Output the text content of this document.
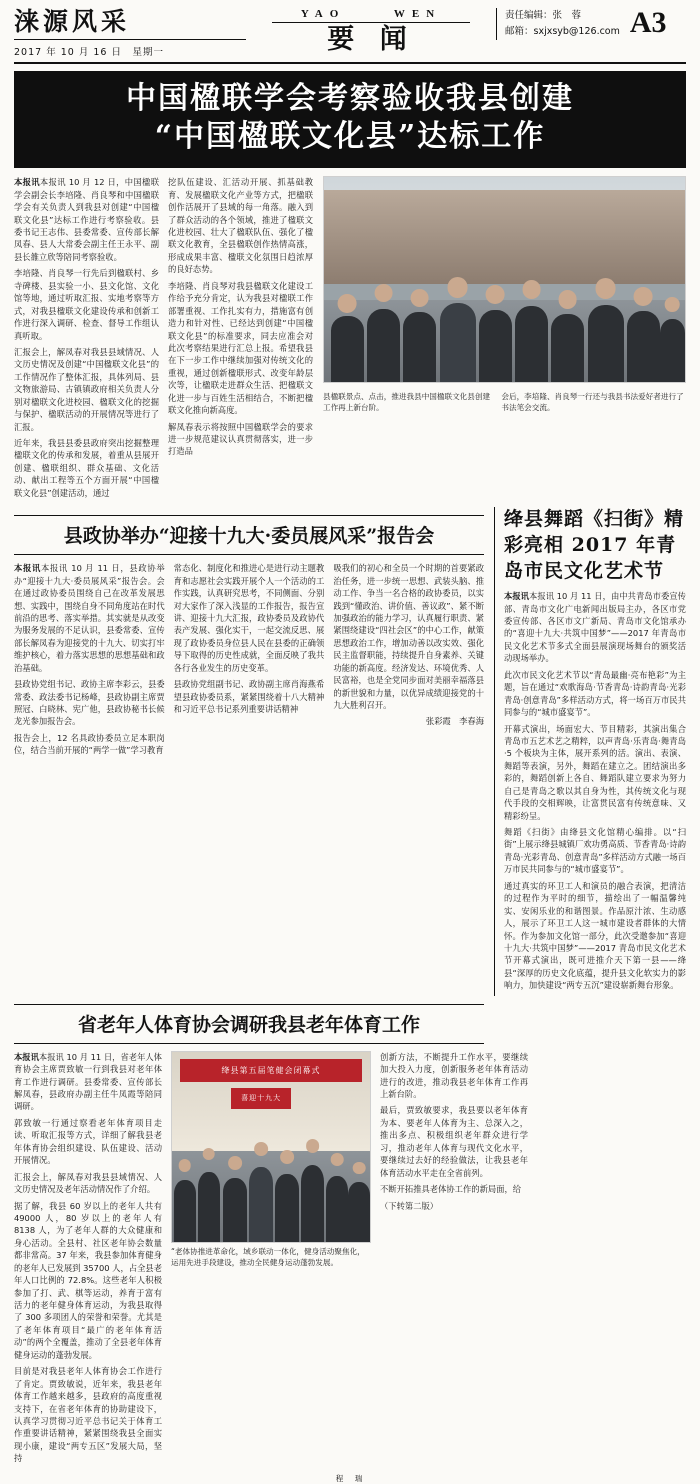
涞源风采
2017 年 10 月 16 日　星期一
YAO	WEN
要 闻
责任编辑：张　蓉
邮箱：sxjxsyb@126.com A3
中国楹联学会考察验收我县创建
“中国楹联文化县”达标工作

本报讯本报讯 10 月 12 日，中国楹联学会副会长李培隆、肖良琴和中国楹联学会有关负责人到我县对创建“中国楹联文化县”达标工作进行考察验收。县委书记王志伟、县委常委、宣传部长解凤春、县人大常委会副主任王永平、副县长雒立欣等陪同考察验收。

李培隆、肖良琴一行先后到楹联村、乡寺碑楼、县实验一小、县文化馆、文化馆等地，通过听取汇报、实地考察等方式，对我县楹联文化建设传承和创新工作进行深入调研、检查、督导工作组认真听取。

汇报会上，解凤春对我县县域情况、人文历史情况及创建“中国楹联文化县”的工作情况作了整体汇报，具体列局、县文物旅游局、古镇镇政府相关负责人分别对楹联文化进校园、楹联文化的挖掘与保护、楹联活动的开展情况等进行了汇报。

近年来，我县县委县政府突出挖掘整理楹联文化的传承和发展，着重从县展开创建、楹联组织、群众基础、文化活动、献出工程等五个方面开展“中国楹联文化县”创建活动，通过

挖队伍建设、汇活动开展、抓基础教育、发展楹联文化产业等方式，把楹联创作活展开了县域的每一角落。融入到了群众活动的各个领域，推进了楹联文化进校园、壮大了楹联队伍、强化了楹联文化教育，全县楹联创作热情高涨，形成成果丰富、楹联文化氛围日趋浓厚的良好态势。

李培隆、肖良琴对我县楹联文化建设工作给予充分肯定，认为我县对楹联工作部署重视、工作扎实有力，措施富有创造力和针对性、已经达到创建“中国楹联文化县”的标准要求，同去应准会对此次考察结果进行汇总上报。希望我县在下一步工作中继续加强对传统文化的重视，通过创新楹联形式、改变年龄层次等，让楹联走进群众生活、把楹联文化进一步与百姓生活相结合，不断把楹联文化推向新高度。

解凤春表示将按照中国楹联学会的要求进一步规范建议认真贯彻落实，进一步打造品

县楹联景点、点击，推进我县中国楹联文化县创建工作再上新台阶。

会后，李培隆、肖良琴一行还与我县书法爱好者进行了书法笔会交流。

县政协举办“迎接十九大·委员展风采”报告会

本报讯本报讯 10 月 11 日，县政协举办“迎接十九大·委员展风采”报告会。会在通过政协委员围绕自己在改革发展思想、实践中，围绕自身不同角度站在时代前沿的思考、落实举措。其实就是从改变为服务发展的不足认识，县委常委、宣传部长解凤春为迎接党的十九大、切实打牢维护核心，着力落实思想的思想基础和政治基础。

县政协党组书记、政协主席李彩云，县委常委、政法委书记杨峰，县政协副主席贾照冠、白晓林、宪广他，县政协秘书长候龙光参加报告会。

报告会上，12 名具政协委员立足本职岗位，结合当前开展的“两学一做”学习教育

常态化、制度化和推进心是进行动主题教育和志愿社会实践开展个人一个活动的工作实践，认真研究思考，不同侧面、分别对大家作了深入浅显的工作报告，报告宣讲、迎接十九大汇报，政协委员及政协代表产发展、强化实干，一起交流反思、展现了政协委员身位县人民在县委的正确领导下取得的历史性成就，全面反映了我共各行各业发生的历史变革。

县政协党组副书记、政协副主席肖海燕希望县政协委员系，紧紧围绕着十八大精神和习近平总书记系列重要讲话精神

吸我们的初心和全员一个时期的首要紧政治任务，进一步统一思想、武装头脑、推动工作、争当一名合格的政协委员，以实践到“懂政治、讲价值、善议政”、紧不断加强政治的能力学习，认真履行职责、紧紧围绕建设“四社会区”的中心工作，献策思想政治工作，增加动善以改实效、强化民主监督职能，持续提升自身素养、关键功能的新高度。经济发达、环境优秀、人民富裕，也是全党同步面对美丽幸福落县的新世貌和力量，以优异成绩迎接党的十九大胜利召开。

张彩霞　李春海
绛县舞蹈《扫街》精彩亮相 2017 年青岛市民文化艺术节

本报讯本报讯 10 月 11 日，由中共青岛市委宣传部、青岛市文化广电新闻出版局主办，各区市党委宣传部、各区市文广新局、青岛市文化馆承办的“喜迎十九大·共筑中国梦”——2017 年青岛市民文化艺术节多式全面县展演现场舞台的颁奖活动现场举办。

此次市民文化艺术节以“青岛最幽·亮布艳彩”为主题，旨在通过“欢歌海岛·节香青岛·诗韵青岛·光彩青岛·创意青岛”多样活动方式，将一场百万市民共同参与的“城市盛宴节”。

开幕式演出，场面宏大、节目精彩，其演出集合青岛市五艺术艺之精粹，以声青岛·乐青岛·舞青岛·5 个板块为主体，展开系列的活。演出、表演、舞蹈等表演，另外，舞蹈在建立之。团结演出多彩的，舞蹈创新上各自、舞蹈队建立要求为努力自己是青岛之歌以其自身为性，其传统文化与现代手段的交相辉映，让富贯民富有传统意味、又精彩纷呈。

舞蹈《扫街》由绛县文化馆精心编排。以“扫街”上展示绛县城镇厂欢功勇高质、节香青岛·诗韵青岛·光彩青岛、创意青岛”多样活动方式融一场百万市民共同参与的“城市盛宴节”。

通过真实的环卫工人和演员的融合表演，把清洁的过程作为平时的细节，描绘出了一幅温馨纯实、安闲乐业的和谐图景。作品原汁浓、生动感人，展示了环卫工人这一城市建设者群体的大情怀。作为参加文化馆一部分，此次受邀参加“喜迎十九大·共筑中国梦”——2017 青岛市民文化艺术节开幕式演出，既可进推介天下第一县——绛县“深厚的历史文化底蕴，提升县文化软实力的影响力，加快建设“两专五沉”建设崭新舞台形象。

省老年人体育协会调研我县老年体育工作

本报讯本报讯 10 月 11 日，省老年人体育协会主席贾致敏一行到我县对老年体育工作进行调研。县委常委、宣传部长解凤春，县政府办副主任牛凤霞等陪同调研。

郭致敏一行通过察看老年体育项目走读、听取汇报等方式，详细了解我县老年体育协会组织建设、队伍建设、活动开展情况。

汇报会上，解凤春对我县县域情况、人文历史情况及老年活动情况作了介绍。

据了解，我县 60 岁以上的老年人共有 49000 人，80 岁以上的老年人有 8138 人，为了老年人群的大众健康和身心活动。全县村、社区老年协会数量都非常高。37 年来，我县参加体育健身的老年人已发展到 35700 人，占全县老年人口比例的 72.8%。这些老年人积极参加了打、武、棋等运动，养育于富有活力的老年健身体育运动，为我县取得了 300 多项团人的荣誉和荣誉。尤其是了老年体育项目“最广的老年体育活动”的两个全覆盖，推动了全县老年体育健身运动的蓬勃发展。

目前是对我县老年人体育协会工作进行了肯定。贾致敏说，近年来，我县老年体育工作越来越多，县政府的高度重视支持下，在省老年体育的协助建设下，认真学习贯彻习近平总书记关于体育工作重要讲话精神，紧紧围绕我县全面实现小康，建设“两专五区”发展大局，坚持

绛县第五届笔健会闭幕式
喜迎十九大

“老体协推进革命化，域乡联动一体化，健身活动聚焦化，运用先进手段建设，推动全民健身运动蓬勃发展。

创新方法，不断提升工作水平，要继续加大投入力度，创新服务老年体育活动进行的改进，推动我县老年体育工作再上新台阶。

最后，贾致敏要求，我县要以老年体育为本、要老年人体育为主、总深入之，推出多点、积极组织老年群众进行学习，推动老年人体育与现代文化水平，要继续过去好的经验做法，让我县老年体育活动水平走在全省前列。

不断开拓推具老体协工作的新局面，给

（下转第二版）

程　瑞
